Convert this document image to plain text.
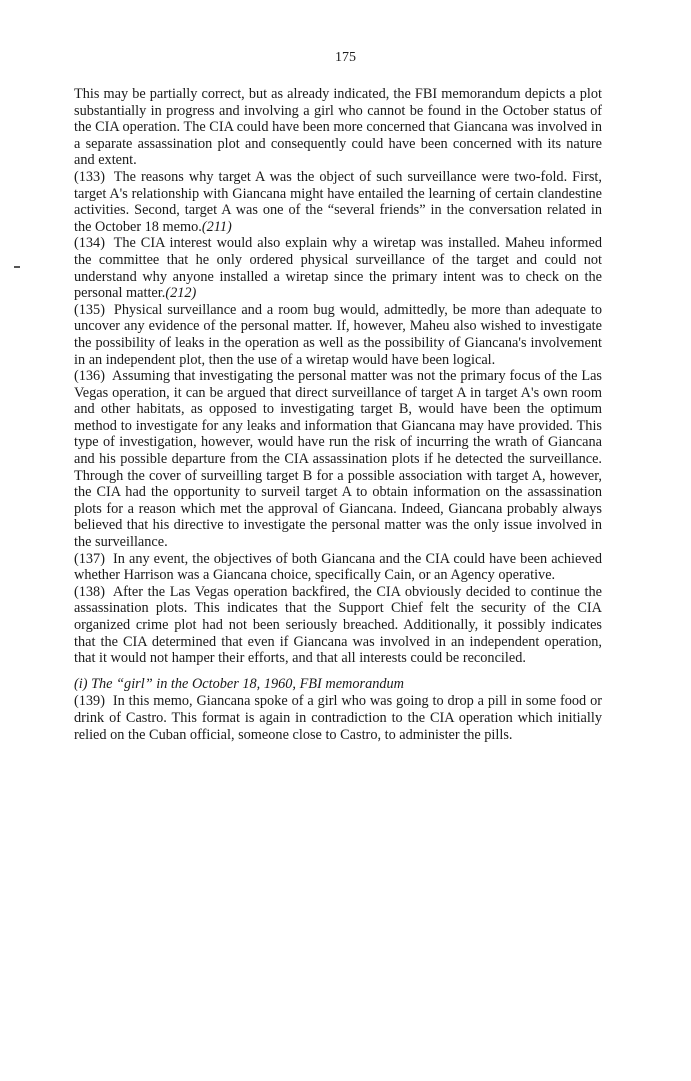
175

This may be partially correct, but as already indicated, the FBI memorandum depicts a plot substantially in progress and involving a girl who cannot be found in the October status of the CIA operation. The CIA could have been more concerned that Giancana was involved in a separate assassination plot and consequently could have been concerned with its nature and extent.

(133) The reasons why target A was the object of such surveillance were two-fold. First, target A's relationship with Giancana might have entailed the learning of certain clandestine activities. Second, target A was one of the “several friends” in the conversation related in the October 18 memo.(211)

(134) The CIA interest would also explain why a wiretap was installed. Maheu informed the committee that he only ordered physical surveillance of the target and could not understand why anyone installed a wiretap since the primary intent was to check on the personal matter.(212)

(135) Physical surveillance and a room bug would, admittedly, be more than adequate to uncover any evidence of the personal matter. If, however, Maheu also wished to investigate the possibility of leaks in the operation as well as the possibility of Giancana's involvement in an independent plot, then the use of a wiretap would have been logical.

(136) Assuming that investigating the personal matter was not the primary focus of the Las Vegas operation, it can be argued that direct surveillance of target A in target A's own room and other habitats, as opposed to investigating target B, would have been the optimum method to investigate for any leaks and information that Giancana may have provided. This type of investigation, however, would have run the risk of incurring the wrath of Giancana and his possible departure from the CIA assassination plots if he detected the surveillance. Through the cover of surveilling target B for a possible association with target A, however, the CIA had the opportunity to surveil target A to obtain information on the assassination plots for a reason which met the approval of Giancana. Indeed, Giancana probably always believed that his directive to investigate the personal matter was the only issue involved in the surveillance.

(137) In any event, the objectives of both Giancana and the CIA could have been achieved whether Harrison was a Giancana choice, specifically Cain, or an Agency operative.

(138) After the Las Vegas operation backfired, the CIA obviously decided to continue the assassination plots. This indicates that the Support Chief felt the security of the CIA organized crime plot had not been seriously breached. Additionally, it possibly indicates that the CIA determined that even if Giancana was involved in an independent operation, that it would not hamper their efforts, and that all interests could be reconciled.

(i) The “girl” in the October 18, 1960, FBI memorandum

(139) In this memo, Giancana spoke of a girl who was going to drop a pill in some food or drink of Castro. This format is again in contradiction to the CIA operation which initially relied on the Cuban official, someone close to Castro, to administer the pills.
